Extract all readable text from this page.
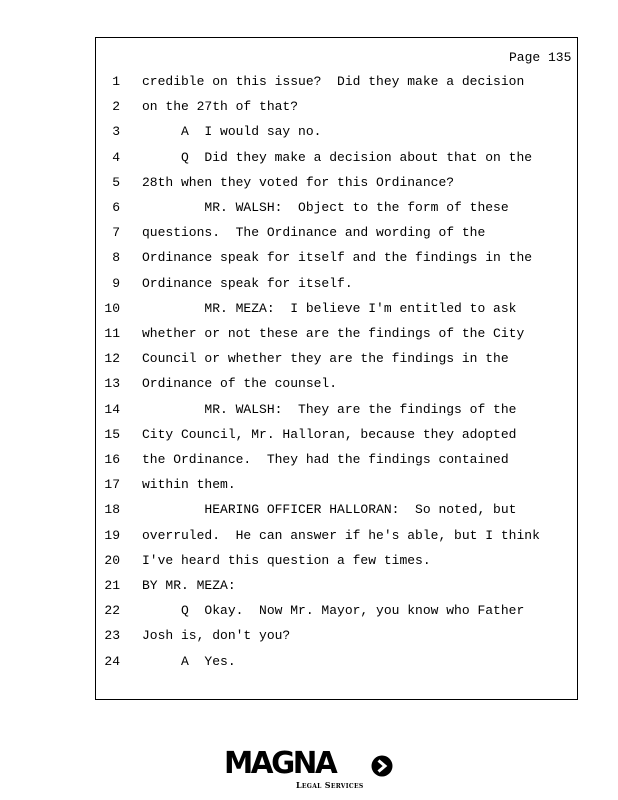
Page 135
1 credible on this issue?  Did they make a decision
2 on the 27th of that?
3 A  I would say no.
4 Q  Did they make a decision about that on the
5 28th when they voted for this Ordinance?
6 MR. WALSH:  Object to the form of these
7 questions.  The Ordinance and wording of the
8 Ordinance speak for itself and the findings in the
9 Ordinance speak for itself.
10 MR. MEZA:  I believe I'm entitled to ask
11 whether or not these are the findings of the City
12 Council or whether they are the findings in the
13 Ordinance of the counsel.
14 MR. WALSH:  They are the findings of the
15 City Council, Mr. Halloran, because they adopted
16 the Ordinance.  They had the findings contained
17 within them.
18 HEARING OFFICER HALLORAN:  So noted, but
19 overruled.  He can answer if he's able, but I think
20 I've heard this question a few times.
21 BY MR. MEZA:
22 Q  Okay.  Now Mr. Mayor, you know who Father
23 Josh is, don't you?
24 A  Yes.
MAGNA
Legal Services
